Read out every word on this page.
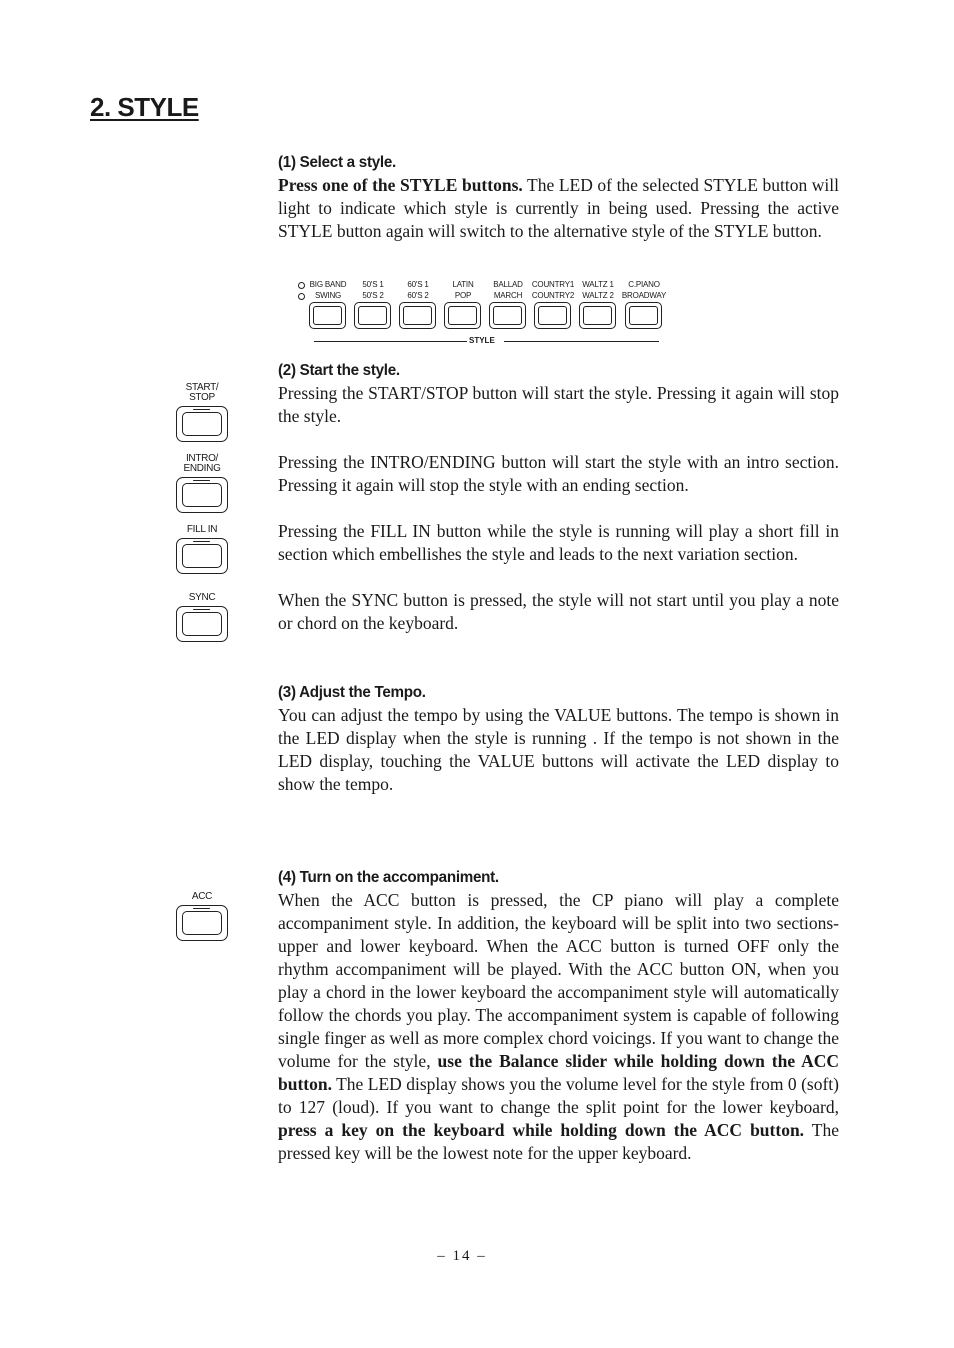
2. STYLE

(1) Select a style.

Press one of the STYLE buttons. The LED of the selected STYLE button will light to indicate which style is currently in being used. Pressing the active STYLE button again will switch to the alternative style of the STYLE button.

BIG BAND
SWING
50'S 1
50'S 2
60'S 1
60'S 2
LATIN
POP
BALLAD
MARCH
COUNTRY1
COUNTRY2
WALTZ 1
WALTZ 2
C.PIANO
BROADWAY
STYLE

(2) Start the style.

Pressing the START/STOP button will start the style. Pressing it again will stop the style.

Pressing the INTRO/ENDING button will start the style with an intro section. Pressing it again will stop the style with an ending section.

Pressing the FILL IN button while the style is running will play a short fill in section which embellishes the style and leads to the next variation section.

When the SYNC button is pressed, the style will not start until you play a note or chord on the keyboard.

START/
STOP
INTRO/
ENDING
FILL IN
SYNC

(3) Adjust the Tempo.

You can adjust the tempo by using the VALUE buttons. The tempo is shown in the LED display when the style is running . If the tempo is not shown in the LED display, touching the VALUE buttons will activate the LED display to show the tempo.

ACC

(4) Turn on the accompaniment.

When the ACC button is pressed, the CP piano will play a complete accompaniment style. In addition, the keyboard will be split into two sections-upper and lower keyboard. When the ACC button is turned OFF only the rhythm accompaniment will be played. With the ACC button ON, when you play a chord in the lower keyboard the accompaniment style will automatically follow the chords you play. The accompaniment system is capable of following single finger as well as more complex chord voicings. If you want to change the volume for the style, use the Balance slider while holding down the ACC button. The LED display shows you the volume level for the style from 0 (soft) to 127 (loud). If you want to change the split point for the lower keyboard, press a key on the keyboard while holding down the ACC button. The pressed key will be the lowest note for the upper keyboard.

– 14 –
